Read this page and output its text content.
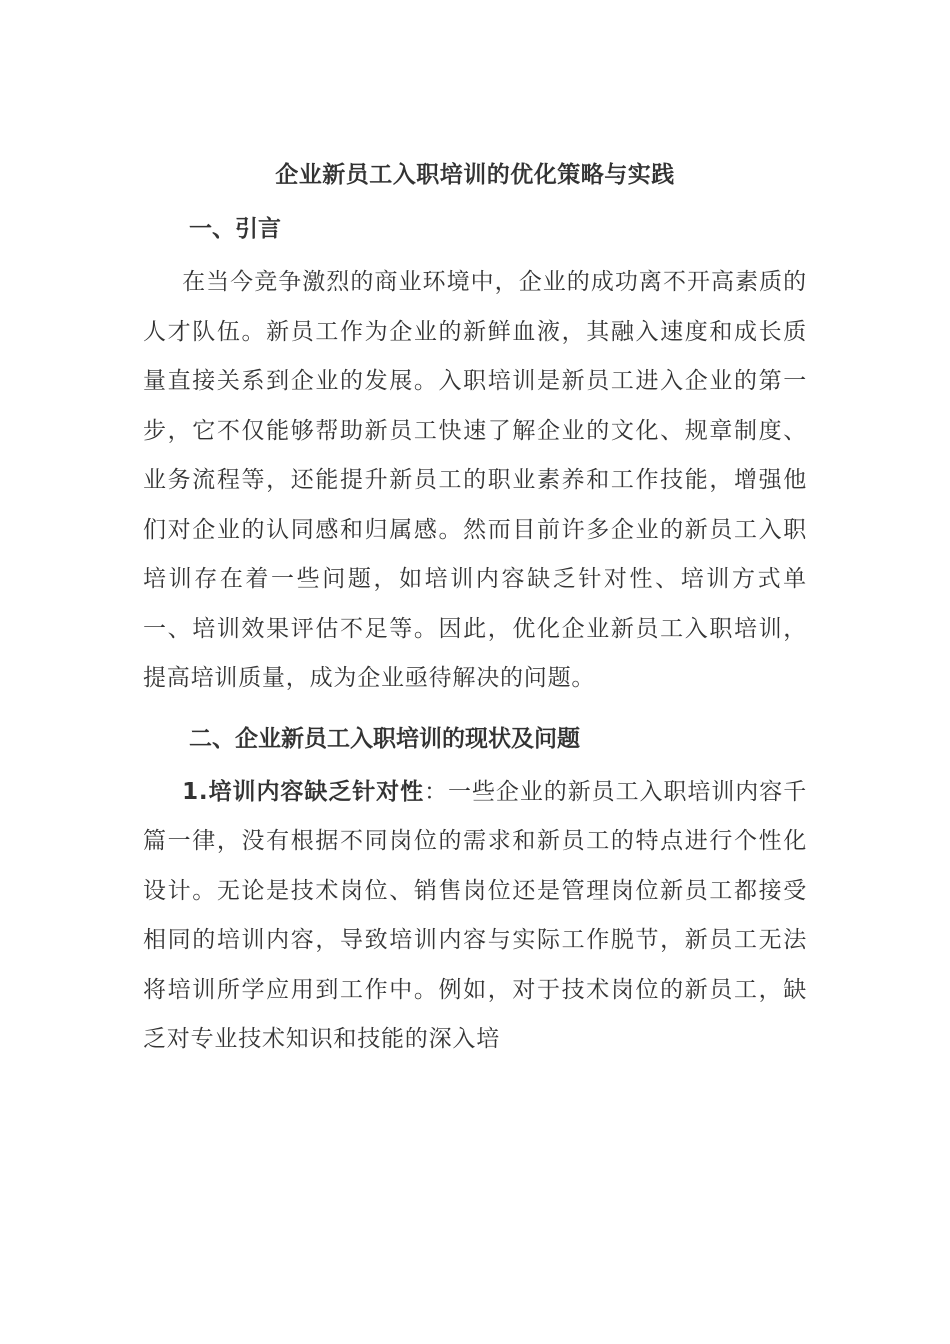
企业新员工入职培训的优化策略与实践
一、引言

在当今竞争激烈的商业环境中，企业的成功离不开高素质的人才队伍。新员工作为企业的新鲜血液，其融入速度和成长质量直接关系到企业的发展。入职培训是新员工进入企业的第一步，它不仅能够帮助新员工快速了解企业的文化、规章制度、业务流程等，还能提升新员工的职业素养和工作技能，增强他们对企业的认同感和归属感。然而目前许多企业的新员工入职培训存在着一些问题，如培训内容缺乏针对性、培训方式单一、培训效果评估不足等。因此，优化企业新员工入职培训，提高培训质量，成为企业亟待解决的问题。

二、企业新员工入职培训的现状及问题

1.培训内容缺乏针对性：一些企业的新员工入职培训内容千篇一律，没有根据不同岗位的需求和新员工的特点进行个性化设计。无论是技术岗位、销售岗位还是管理岗位新员工都接受相同的培训内容，导致培训内容与实际工作脱节，新员工无法将培训所学应用到工作中。例如，对于技术岗位的新员工，缺乏对专业技术知识和技能的深入培
